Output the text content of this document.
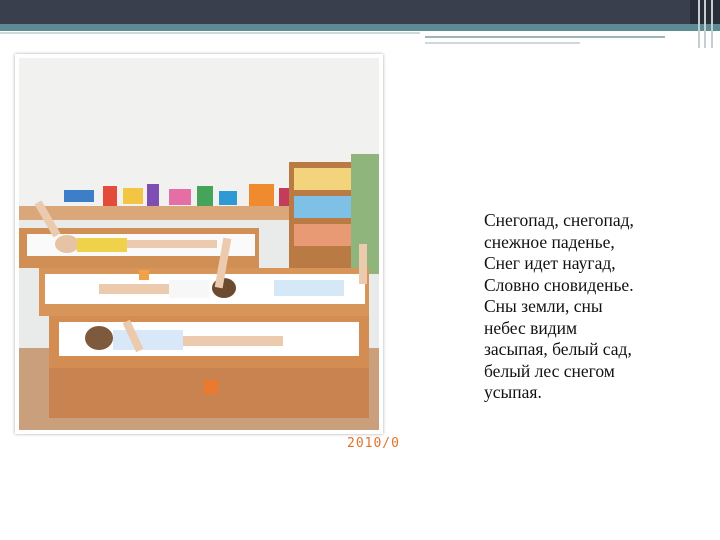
2010/0
Снегопад, снегопад,
снежное паденье,
Снег идет наугад,
Словно сновиденье.
Сны земли, сны
небес видим
засыпая, белый сад,
белый лес снегом
усыпая.
